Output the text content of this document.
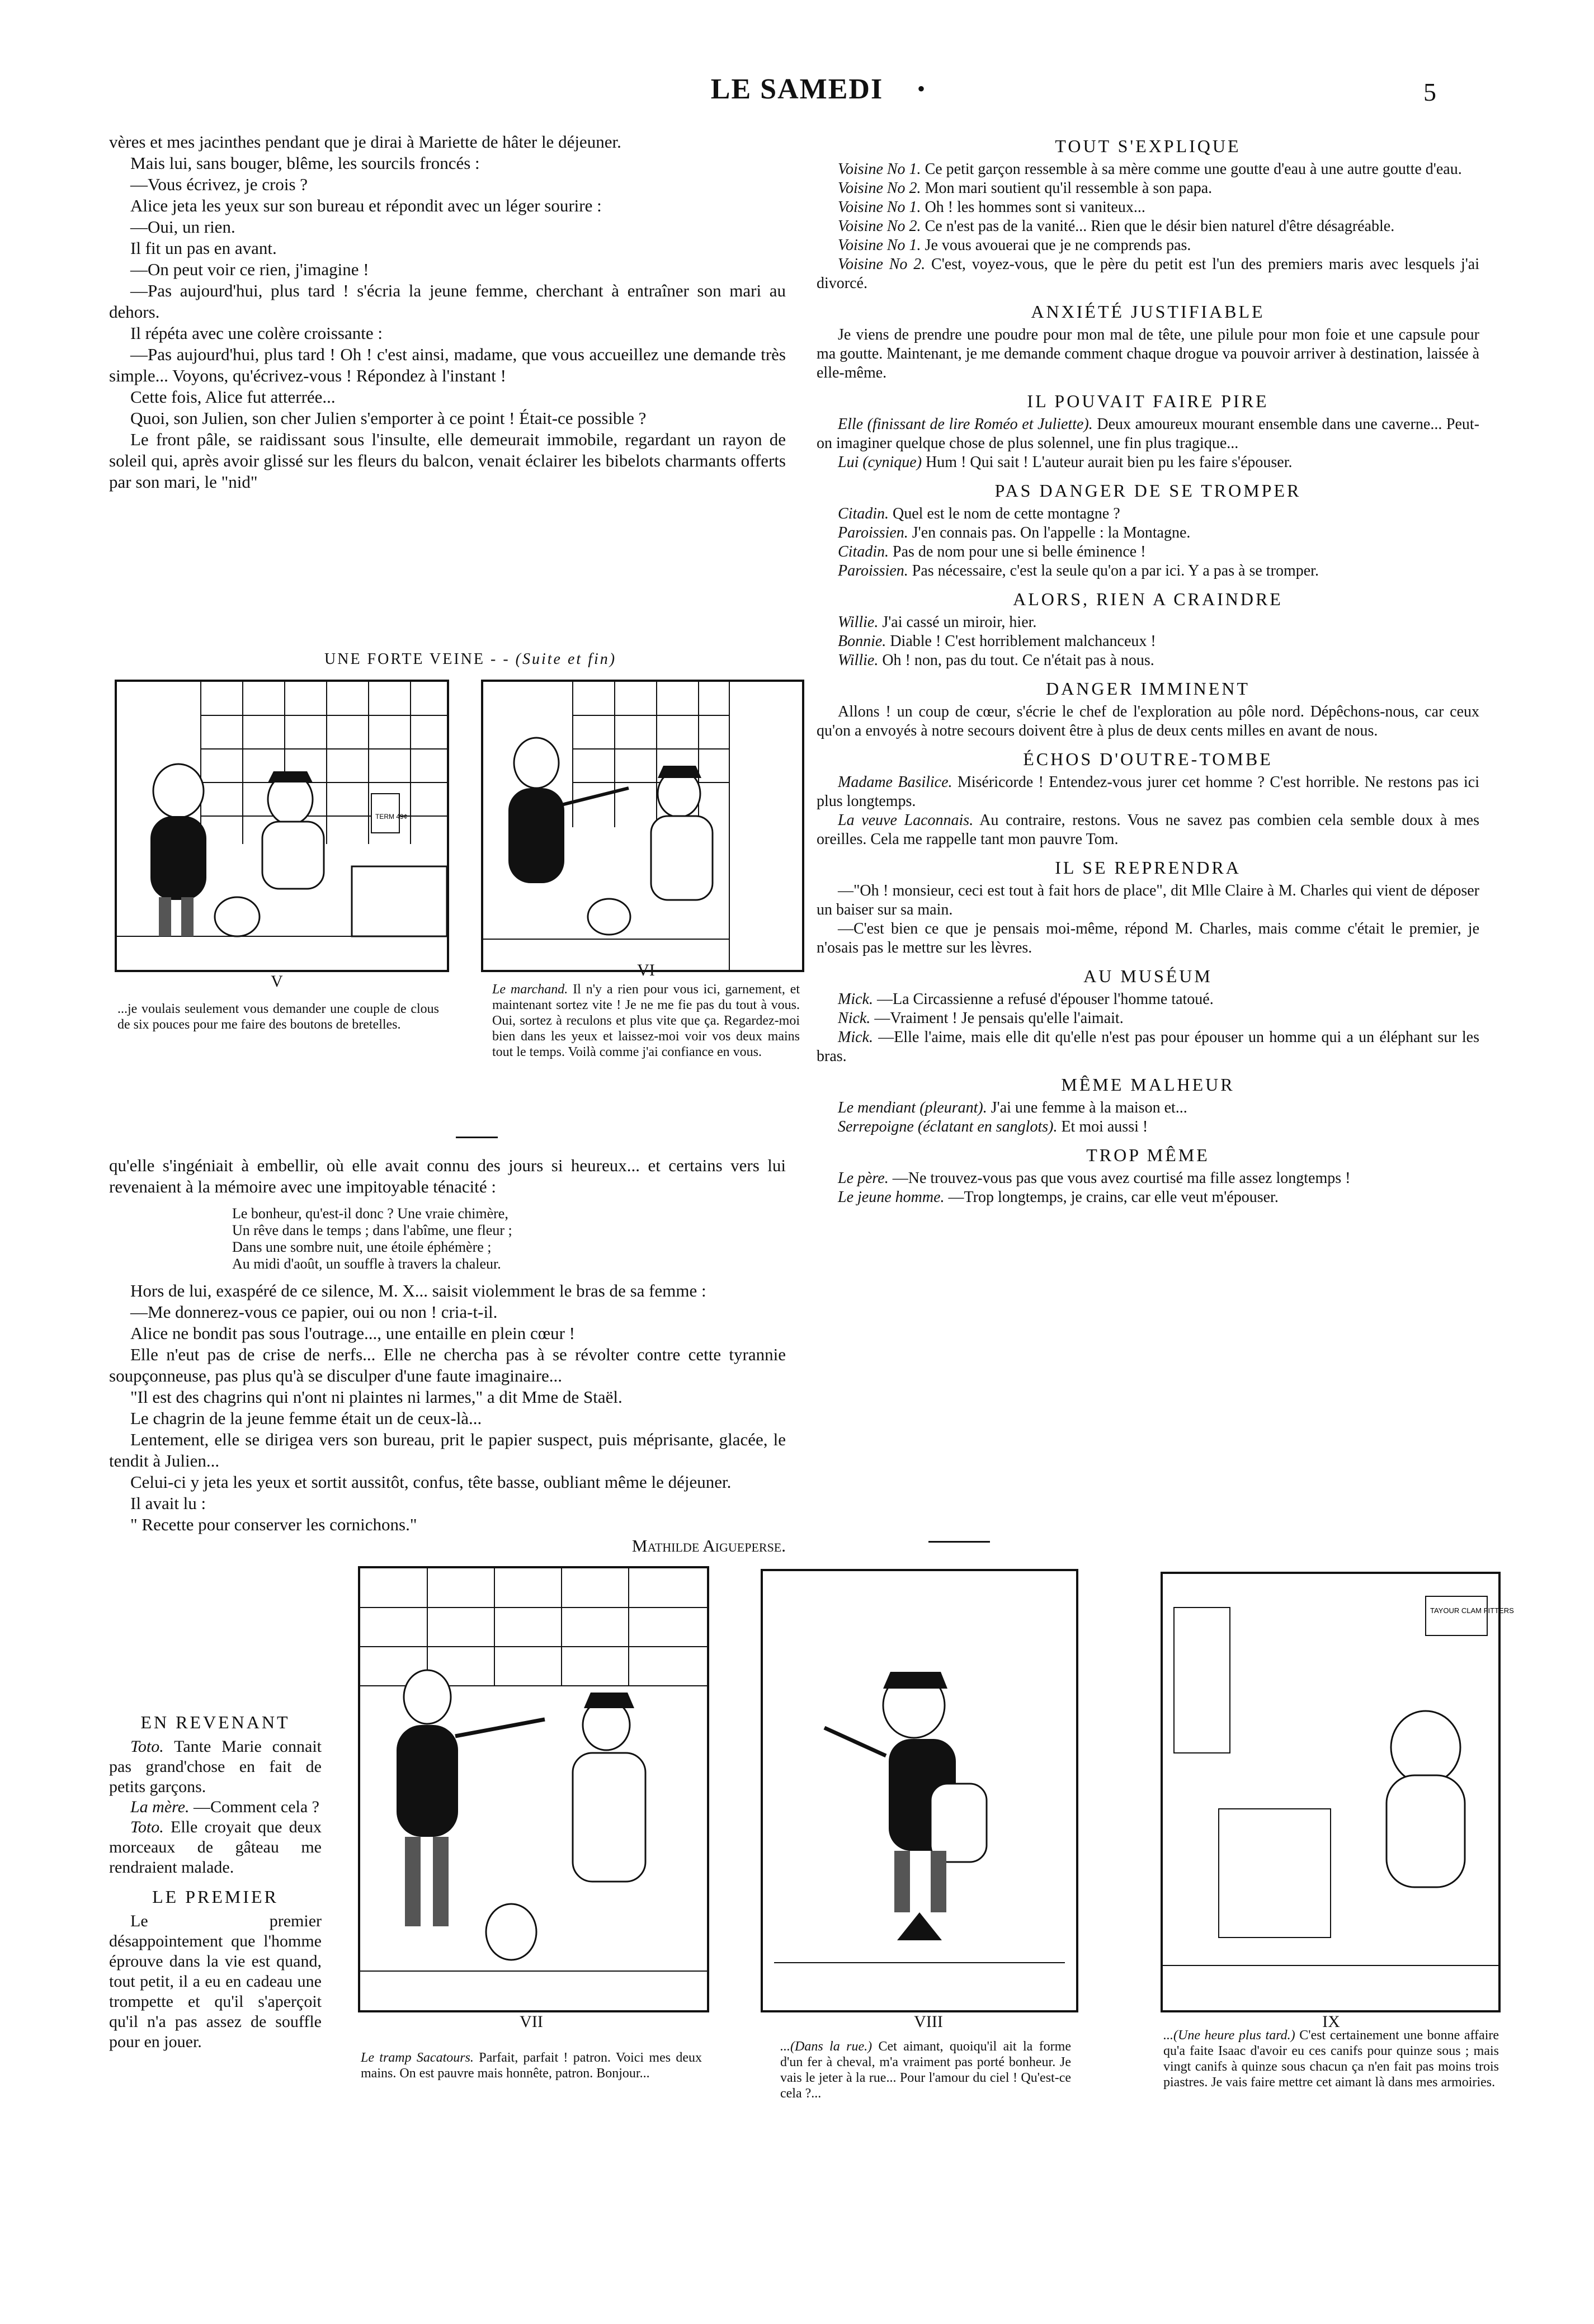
LE SAMEDI	•	5

vères et mes jacinthes pendant que je dirai à Mariette de hâter le déjeuner.

Mais lui, sans bouger, blême, les sourcils froncés :

—Vous écrivez, je crois ?

Alice jeta les yeux sur son bureau et répondit avec un léger sourire :

—Oui, un rien.

Il fit un pas en avant.

—On peut voir ce rien, j'imagine !

—Pas aujourd'hui, plus tard ! s'écria la jeune femme, cherchant à entraîner son mari au dehors.

Il répéta avec une colère croissante :

—Pas aujourd'hui, plus tard ! Oh ! c'est ainsi, madame, que vous accueillez une demande très simple... Voyons, qu'écrivez-vous ! Répondez à l'instant !

Cette fois, Alice fut atterrée...

Quoi, son Julien, son cher Julien s'emporter à ce point ! Était-ce possible ?

Le front pâle, se raidissant sous l'insulte, elle demeurait immobile, regardant un rayon de soleil qui, après avoir glissé sur les fleurs du balcon, venait éclairer les bibelots charmants offerts par son mari, le "nid"

UNE FORTE VEINE - - (Suite et fin)
TERM 49¢
V
...je voulais seulement vous demander une couple de clous de six pouces pour me faire des boutons de bretelles.
VI
Le marchand. Il n'y a rien pour vous ici, garnement, et maintenant sortez vite ! Je ne me fie pas du tout à vous. Oui, sortez à reculons et plus vite que ça. Regardez-moi bien dans les yeux et laissez-moi voir vos deux mains tout le temps. Voilà comme j'ai confiance en vous.

qu'elle s'ingéniait à embellir, où elle avait connu des jours si heureux... et certains vers lui revenaient à la mémoire avec une impitoyable ténacité :

Le bonheur, qu'est-il donc ? Une vraie chimère,
Un rêve dans le temps ; dans l'abîme, une fleur ;
Dans une sombre nuit, une étoile éphémère ;
Au midi d'août, un souffle à travers la chaleur.

Hors de lui, exaspéré de ce silence, M. X... saisit violemment le bras de sa femme :

—Me donnerez-vous ce papier, oui ou non ! cria-t-il.

Alice ne bondit pas sous l'outrage..., une entaille en plein cœur !

Elle n'eut pas de crise de nerfs... Elle ne chercha pas à se révolter contre cette tyrannie soupçonneuse, pas plus qu'à se disculper d'une faute imaginaire...

"Il est des chagrins qui n'ont ni plaintes ni larmes," a dit Mme de Staël.

Le chagrin de la jeune femme était un de ceux-là...

Lentement, elle se dirigea vers son bureau, prit le papier suspect, puis méprisante, glacée, le tendit à Julien...

Celui-ci y jeta les yeux et sortit aussitôt, confus, tête basse, oubliant même le déjeuner.

Il avait lu :

" Recette pour conserver les cornichons."

Mathilde Aigueperse.

EN REVENANT

Toto. Tante Marie connait pas grand'chose en fait de petits garçons.

La mère. —Comment cela ?

Toto. Elle croyait que deux morceaux de gâteau me rendraient malade.

LE PREMIER

Le premier désappointement que l'homme éprouve dans la vie est quand, tout petit, il a eu en cadeau une trompette et qu'il s'aperçoit qu'il n'a pas assez de souffle pour en jouer.

TOUT S'EXPLIQUE

Voisine No 1. Ce petit garçon ressemble à sa mère comme une goutte d'eau à une autre goutte d'eau.

Voisine No 2. Mon mari soutient qu'il ressemble à son papa.

Voisine No 1. Oh ! les hommes sont si vaniteux...

Voisine No 2. Ce n'est pas de la vanité... Rien que le désir bien naturel d'être désagréable.

Voisine No 1. Je vous avouerai que je ne comprends pas.

Voisine No 2. C'est, voyez-vous, que le père du petit est l'un des premiers maris avec lesquels j'ai divorcé.

ANXIÉTÉ JUSTIFIABLE

Je viens de prendre une poudre pour mon mal de tête, une pilule pour mon foie et une capsule pour ma goutte. Maintenant, je me demande comment chaque drogue va pouvoir arriver à destination, laissée à elle-même.

IL POUVAIT FAIRE PIRE

Elle (finissant de lire Roméo et Juliette). Deux amoureux mourant ensemble dans une caverne... Peut-on imaginer quelque chose de plus solennel, une fin plus tragique...

Lui (cynique) Hum ! Qui sait ! L'auteur aurait bien pu les faire s'épouser.

PAS DANGER DE SE TROMPER

Citadin. Quel est le nom de cette montagne ?

Paroissien. J'en connais pas. On l'appelle : la Montagne.

Citadin. Pas de nom pour une si belle éminence !

Paroissien. Pas nécessaire, c'est la seule qu'on a par ici. Y a pas à se tromper.

ALORS, RIEN A CRAINDRE

Willie. J'ai cassé un miroir, hier.

Bonnie. Diable ! C'est horriblement malchanceux !

Willie. Oh ! non, pas du tout. Ce n'était pas à nous.

DANGER IMMINENT

Allons ! un coup de cœur, s'écrie le chef de l'exploration au pôle nord. Dépêchons-nous, car ceux qu'on a envoyés à notre secours doivent être à plus de deux cents milles en avant de nous.

ÉCHOS D'OUTRE-TOMBE

Madame Basilice. Miséricorde ! Entendez-vous jurer cet homme ? C'est horrible. Ne restons pas ici plus longtemps.

La veuve Laconnais. Au contraire, restons. Vous ne savez pas combien cela semble doux à mes oreilles. Cela me rappelle tant mon pauvre Tom.

IL SE REPRENDRA

—"Oh ! monsieur, ceci est tout à fait hors de place", dit Mlle Claire à M. Charles qui vient de déposer un baiser sur sa main.

—C'est bien ce que je pensais moi-même, répond M. Charles, mais comme c'était le premier, je n'osais pas le mettre sur les lèvres.

AU MUSÉUM

Mick. —La Circassienne a refusé d'épouser l'homme tatoué.

Nick. —Vraiment ! Je pensais qu'elle l'aimait.

Mick. —Elle l'aime, mais elle dit qu'elle n'est pas pour épouser un homme qui a un éléphant sur les bras.

MÊME MALHEUR

Le mendiant (pleurant). J'ai une femme à la maison et...

Serrepoigne (éclatant en sanglots). Et moi aussi !

TROP MÊME

Le père. —Ne trouvez-vous pas que vous avez courtisé ma fille assez longtemps !

Le jeune homme. —Trop longtemps, je crains, car elle veut m'épouser.

VII
Le tramp Sacatours. Parfait, parfait ! patron. Voici mes deux mains. On est pauvre mais honnête, patron. Bonjour...
VIII
...(Dans la rue.) Cet aimant, quoiqu'il ait la forme d'un fer à cheval, m'a vraiment pas porté bonheur. Je vais le jeter à la rue... Pour l'amour du ciel ! Qu'est-ce cela ?...
TAYOUR CLAM FITTERS
IX
...(Une heure plus tard.) C'est certainement une bonne affaire qu'a faite Isaac d'avoir eu ces canifs pour quinze sous ; mais vingt canifs à quinze sous chacun ça n'en fait pas moins trois piastres. Je vais faire mettre cet aimant là dans mes armoiries.
